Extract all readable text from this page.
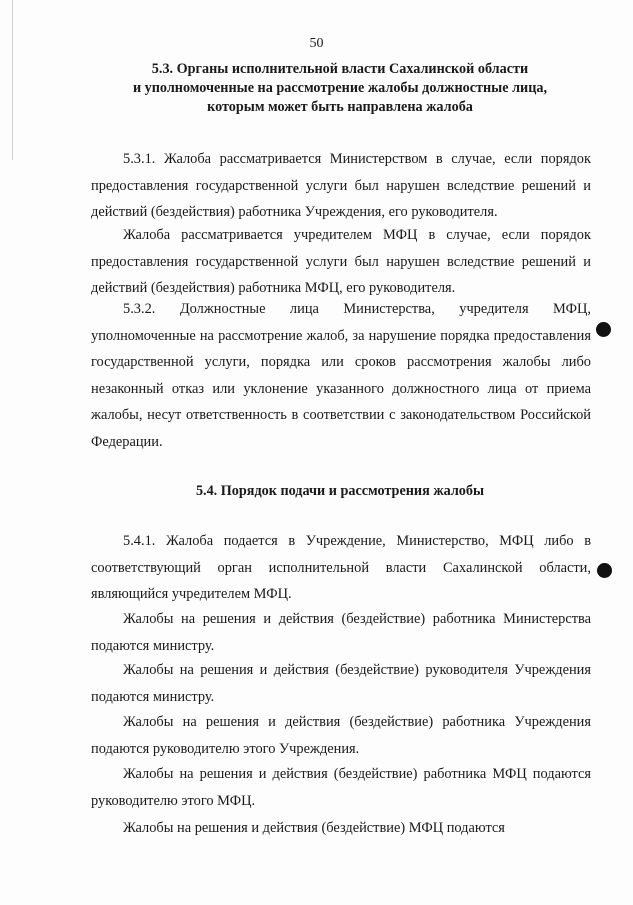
50
5.3. Органы исполнительной власти Сахалинской области
и уполномоченные на рассмотрение жалобы должностные лица,
которым может быть направлена жалоба

5.3.1. Жалоба рассматривается Министерством в случае, если порядок предоставления государственной услуги был нарушен вследствие решений и действий (бездействия) работника Учреждения, его руководителя.

Жалоба рассматривается учредителем МФЦ в случае, если порядок предоставления государственной услуги был нарушен вследствие решений и действий (бездействия) работника МФЦ, его руководителя.

5.3.2. Должностные лица Министерства, учредителя МФЦ, уполномоченные на рассмотрение жалоб, за нарушение порядка предоставления государственной услуги, порядка или сроков рассмотрения жалобы либо незаконный отказ или уклонение указанного должностного лица от приема жалобы, несут ответственность в соответствии с законодательством Российской Федерации.

5.4. Порядок подачи и рассмотрения жалобы

5.4.1. Жалоба подается в Учреждение, Министерство, МФЦ либо в соответствующий орган исполнительной власти Сахалинской области, являющийся учредителем МФЦ.

Жалобы на решения и действия (бездействие) работника Министерства подаются министру.

Жалобы на решения и действия (бездействие) руководителя Учреждения подаются министру.

Жалобы на решения и действия (бездействие) работника Учреждения подаются руководителю этого Учреждения.

Жалобы на решения и действия (бездействие) работника МФЦ подаются руководителю этого МФЦ.

Жалобы на решения и действия (бездействие) МФЦ подаются
